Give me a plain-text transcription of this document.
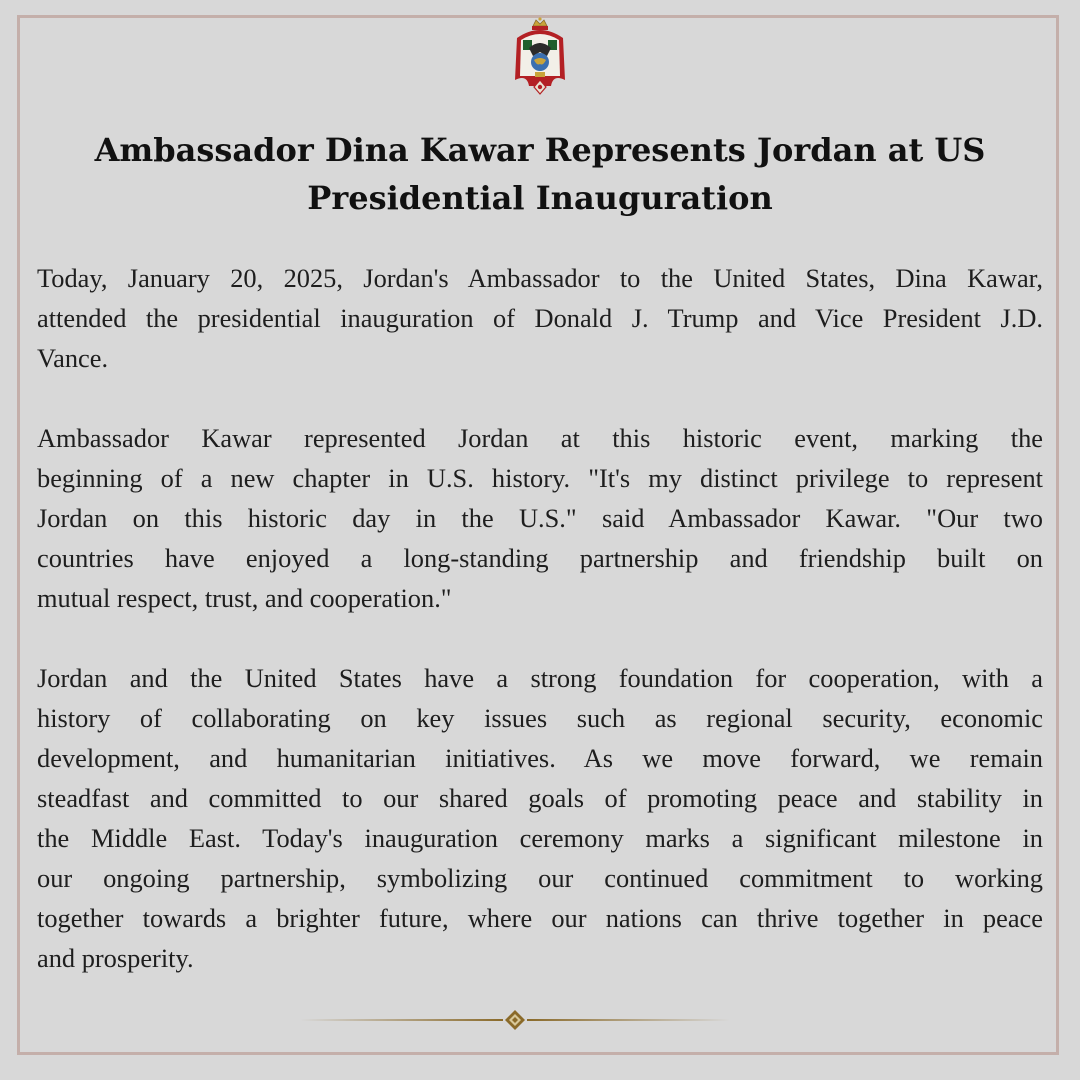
Ambassador Dina Kawar Represents Jordan at US
Presidential Inauguration

Today, January 20, 2025, Jordan's Ambassador to the United States, Dina Kawar,
attended the presidential inauguration of Donald J. Trump and Vice President J.D.
Vance.

Ambassador Kawar represented Jordan at this historic event, marking the
beginning of a new chapter in U.S. history. "It's my distinct privilege to represent
Jordan on this historic day in the U.S." said Ambassador Kawar. "Our two
countries have enjoyed a long-standing partnership and friendship built on
mutual respect, trust, and cooperation."

Jordan and the United States have a strong foundation for cooperation, with a
history of collaborating on key issues such as regional security, economic
development, and humanitarian initiatives. As we move forward, we remain
steadfast and committed to our shared goals of promoting peace and stability in
the Middle East. Today's inauguration ceremony marks a significant milestone in
our ongoing partnership, symbolizing our continued commitment to working
together towards a brighter future, where our nations can thrive together in peace
and prosperity.
